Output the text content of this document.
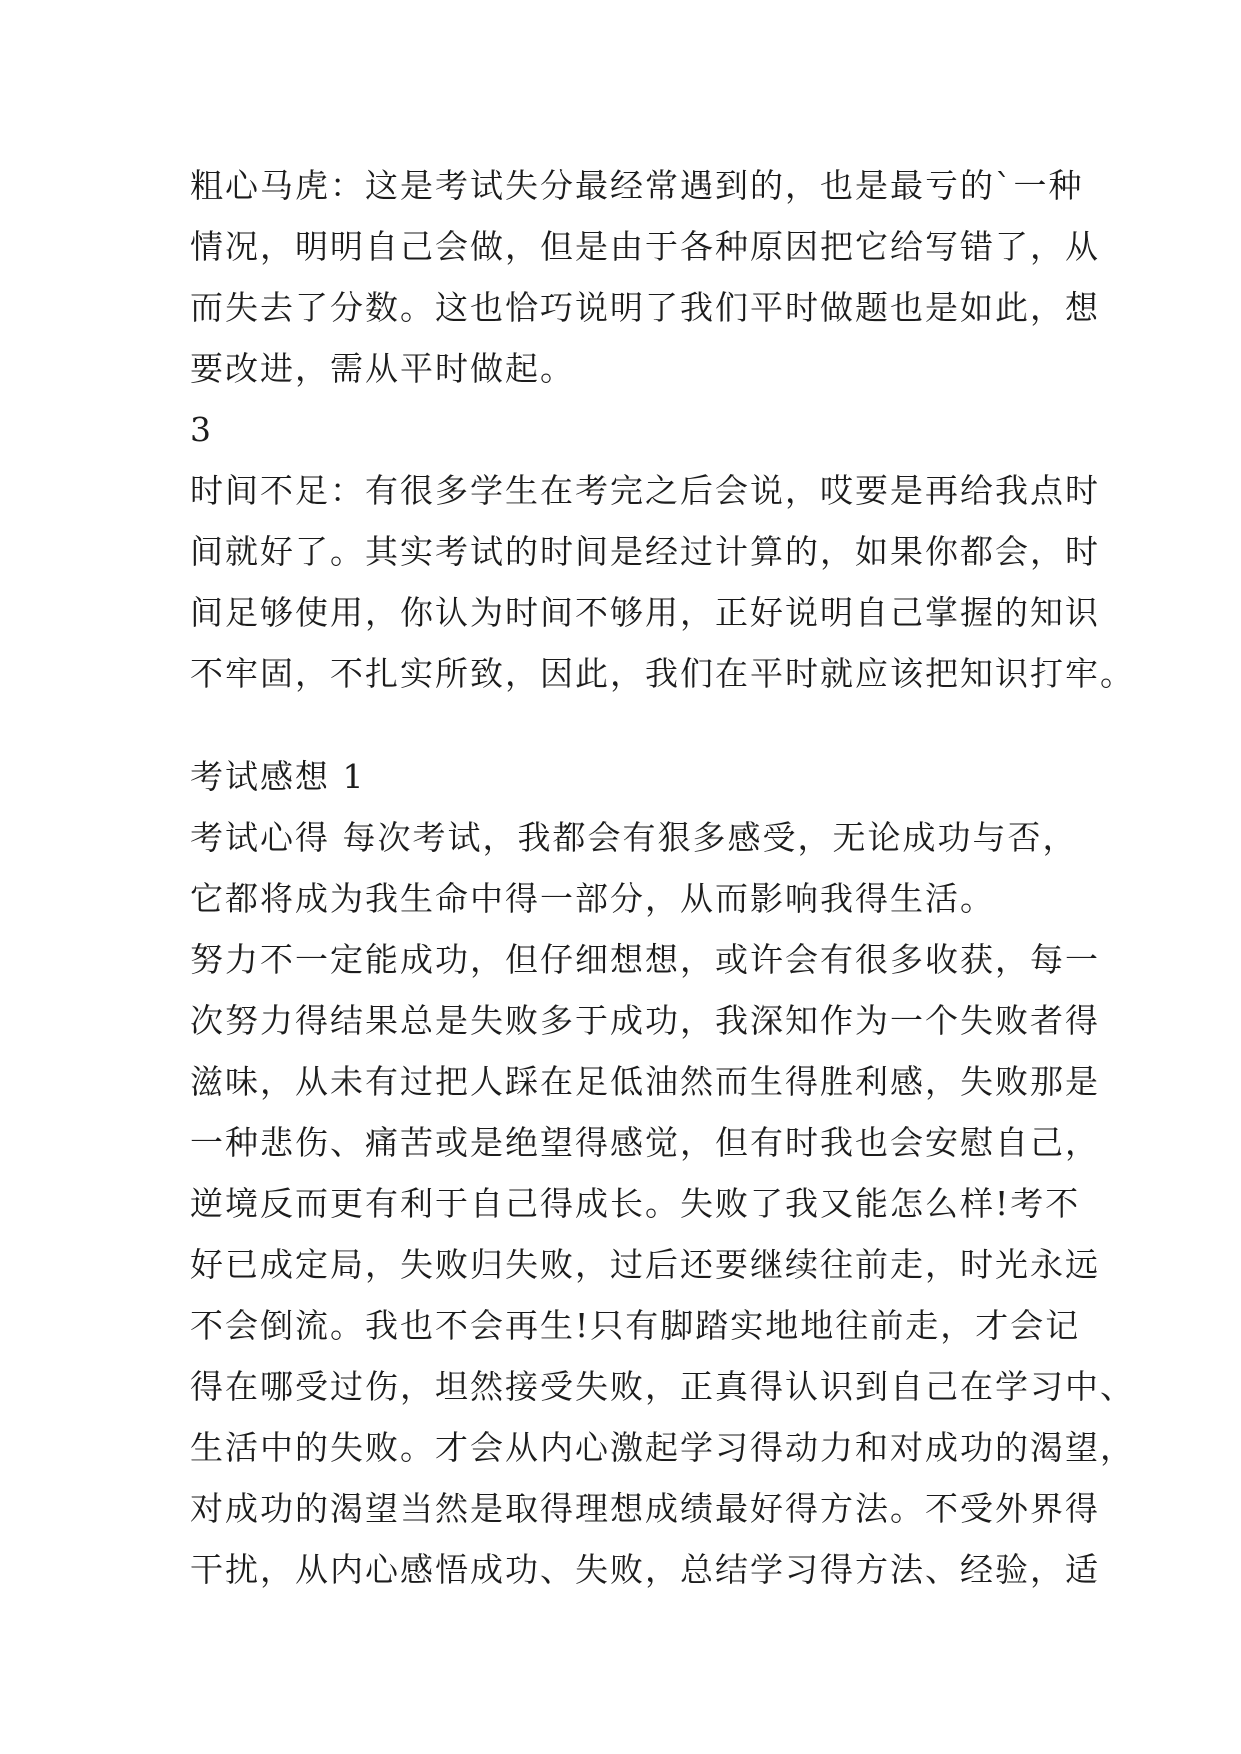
粗心马虎：这是考试失分最经常遇到的，也是最亏的`一种
情况，明明自己会做，但是由于各种原因把它给写错了，从
而失去了分数。这也恰巧说明了我们平时做题也是如此，想
要改进，需从平时做起。
3
时间不足：有很多学生在考完之后会说，哎要是再给我点时
间就好了。其实考试的时间是经过计算的，如果你都会，时
间足够使用，你认为时间不够用，正好说明自己掌握的知识
不牢固，不扎实所致，因此，我们在平时就应该把知识打牢。
考试感想 1
考试心得 每次考试，我都会有狠多感受，无论成功与否，
它都将成为我生命中得一部分，从而影响我得生活。
努力不一定能成功，但仔细想想，或许会有很多收获，每一
次努力得结果总是失败多于成功，我深知作为一个失败者得
滋味，从未有过把人踩在足低油然而生得胜利感，失败那是
一种悲伤、痛苦或是绝望得感觉，但有时我也会安慰自己，
逆境反而更有利于自己得成长。失败了我又能怎么样!考不
好已成定局，失败归失败，过后还要继续往前走，时光永远
不会倒流。我也不会再生!只有脚踏实地地往前走，才会记
得在哪受过伤，坦然接受失败，正真得认识到自己在学习中、
生活中的失败。才会从内心激起学习得动力和对成功的渴望，
对成功的渴望当然是取得理想成绩最好得方法。不受外界得
干扰，从内心感悟成功、失败，总结学习得方法、经验，适
